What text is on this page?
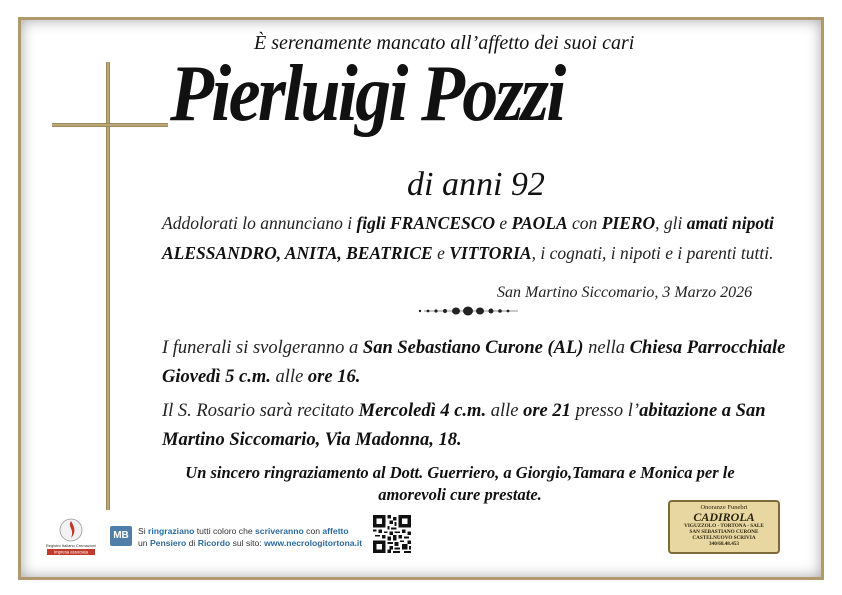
È serenamente mancato all’affetto dei suoi cari
Pierluigi Pozzi
di anni 92
Addolorati lo annunciano i figli FRANCESCO e PAOLA con PIERO, gli amati nipoti ALESSANDRO, ANITA, BEATRICE e VITTORIA, i cognati, i nipoti e i parenti tutti.
San Martino Siccomario, 3 Marzo 2026
I funerali si svolgeranno a San Sebastiano Curone (AL) nella Chiesa Parrocchiale Giovedì 5 c.m. alle ore 16.
Il S. Rosario sarà recitato Mercoledì 4 c.m. alle ore 21 presso l’abitazione a San Martino Siccomario, Via Madonna, 18.
Un sincero ringraziamento al Dott. Guerriero, a Giorgio,Tamara e Monica per le amorevoli cure prestate.
Registro Italiano Cremazioni
Impresa associata
MB	Si ringraziano tutti coloro che scriveranno con affetto
un Pensiero di Ricordo sul sito: www.necrologitortona.it
Onoranze Funebri
CADIROLA
VIGUZZOLO - TORTONA - SALE
SAN SEBASTIANO CURONE
CASTELNUOVO SCRIVIA
340/68.48.453
